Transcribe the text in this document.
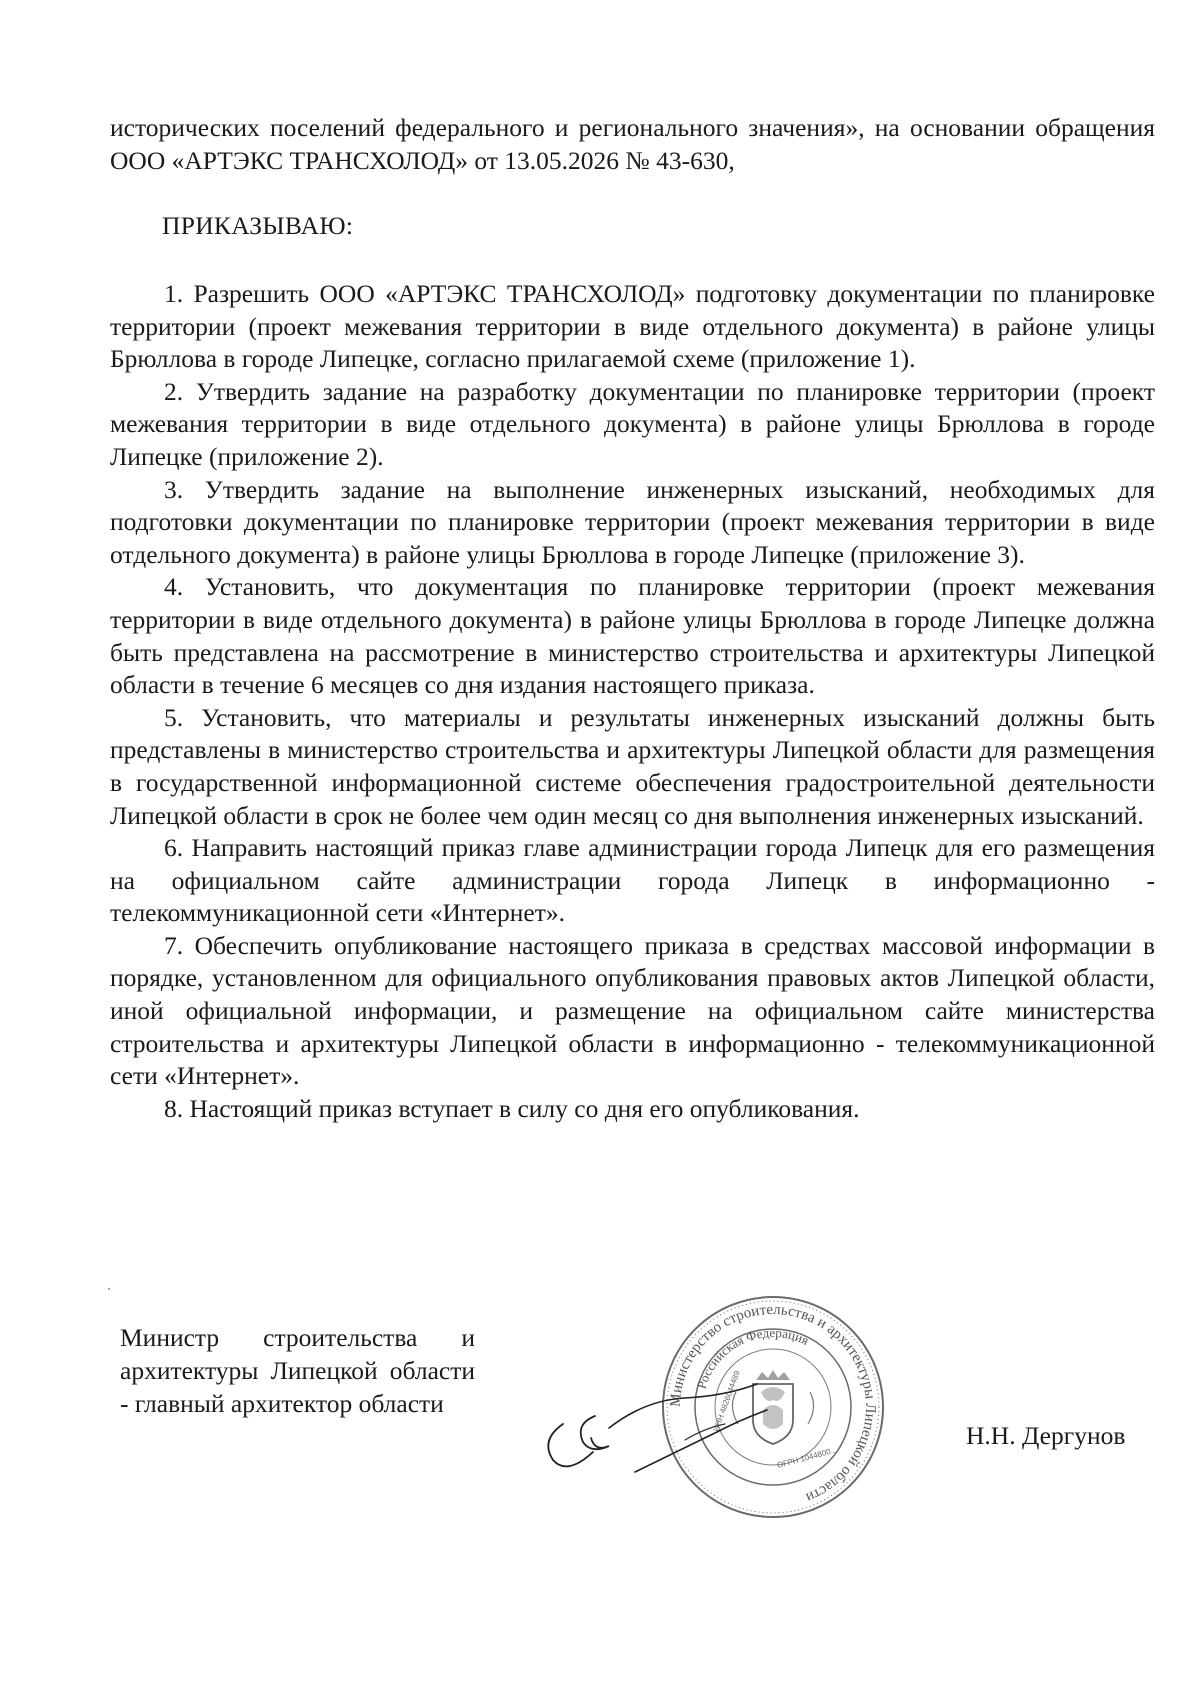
исторических поселений федерального и регионального значения», на основании обращения ООО «АРТЭКС ТРАНСХОЛОД» от 13.05.2026 № 43-630,
ПРИКАЗЫВАЮ:

1. Разрешить ООО «АРТЭКС ТРАНСХОЛОД» подготовку документации по планировке территории (проект межевания территории в виде отдельного документа) в районе улицы Брюллова в городе Липецке, согласно прилагаемой схеме (приложение 1).

2. Утвердить задание на разработку документации по планировке территории (проект межевания территории в виде отдельного документа) в районе улицы Брюллова в городе Липецке (приложение 2).

3. Утвердить задание на выполнение инженерных изысканий, необходимых для подготовки документации по планировке территории (проект межевания территории в виде отдельного документа) в районе улицы Брюллова в городе Липецке (приложение 3).

4. Установить, что документация по планировке территории (проект межевания территории в виде отдельного документа) в районе улицы Брюллова в городе Липецке должна быть представлена на рассмотрение в министерство строительства и архитектуры Липецкой области в течение 6 месяцев со дня издания настоящего приказа.

5. Установить, что материалы и результаты инженерных изысканий должны быть представлены в министерство строительства и архитектуры Липецкой области для размещения в государственной информационной системе обеспечения градостроительной деятельности Липецкой области в срок не более чем один месяц со дня выполнения инженерных изысканий.

6. Направить настоящий приказ главе администрации города Липецк для его размещения на официальном сайте администрации города Липецк в информационно - телекоммуникационной сети «Интернет».

7. Обеспечить опубликование настоящего приказа в средствах массовой информации в порядке, установленном для официального опубликования правовых актов Липецкой области, иной официальной информации, и размещение на официальном сайте министерства строительства и архитектуры Липецкой области в информационно - телекоммуникационной сети «Интернет».

8. Настоящий приказ вступает в силу со дня его опубликования.

Министр строительства и архитектуры Липецкой области - главный архитектор области	Министерство строительства и архитектуры Липецкой области
Российская Федерация
ИНН 4826044489
ОГРН 1044800...
Н.Н. Дергунов
